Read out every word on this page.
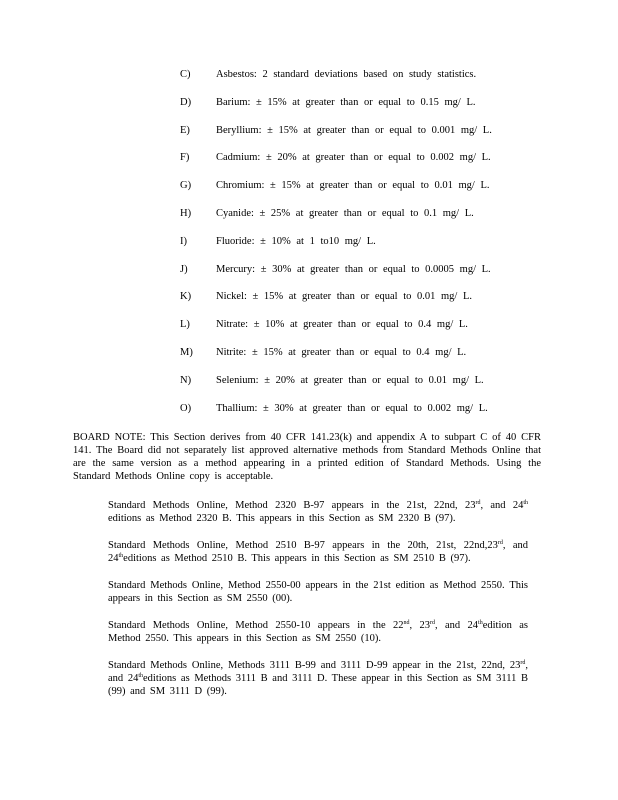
C) Asbestos: 2 standard deviations based on study statistics.
D) Barium: ± 15% at greater than or equal to 0.15 mg/ L.
E) Beryllium: ± 15% at greater than or equal to 0.001 mg/ L.
F)	Cadmium: ± 20% at greater than or equal to 0.002 mg/ L.
G) Chromium: ± 15% at greater than or equal to 0.01 mg/ L.
H) Cyanide: ± 25% at greater than or equal to 0.1 mg/ L.
I)	Fluoride: ± 10% at 1 to10 mg/ L.
J)	Mercury: ± 30% at greater than or equal to 0.0005 mg/ L.
K) Nickel: ± 15% at greater than or equal to 0.01 mg/ L.
L) Nitrate: ± 10% at greater than or equal to 0.4 mg/ L.
M) Nitrite: ± 15% at greater than or equal to 0.4 mg/ L.
N) Selenium: ± 20% at greater than or equal to 0.01 mg/ L.
O) Thallium: ± 30% at greater than or equal to 0.002 mg/ L.
BOARD NOTE: This Section derives from 40 CFR 141.23(k) and appendix A to subpart C of 40 CFR 141. The Board did not separately list approved alternative methods from Standard Methods Online that are the same version as a method appearing in a printed edition of Standard Methods. Using the Standard Methods Online copy is acceptable.
Standard Methods Online, Method 2320 B-97 appears in the 21st, 22nd, 23rd, and 24th editions as Method 2320 B. This appears in this Section as SM 2320 B (97).
Standard Methods Online, Method 2510 B-97 appears in the 20th, 21st, 22nd,23rd, and 24theditions as Method 2510 B. This appears in this Section as SM 2510 B (97).
Standard Methods Online, Method 2550-00 appears in the 21st edition as Method 2550. This appears in this Section as SM 2550 (00).
Standard Methods Online, Method 2550-10 appears in the 22nd, 23rd, and 24thedition as Method 2550. This appears in this Section as SM 2550 (10).
Standard Methods Online, Methods 3111 B-99 and 3111 D-99 appear in the 21st, 22nd, 23rd, and 24theditions as Methods 3111 B and 3111 D. These appear in this Section as SM 3111 B (99) and SM 3111 D (99).
